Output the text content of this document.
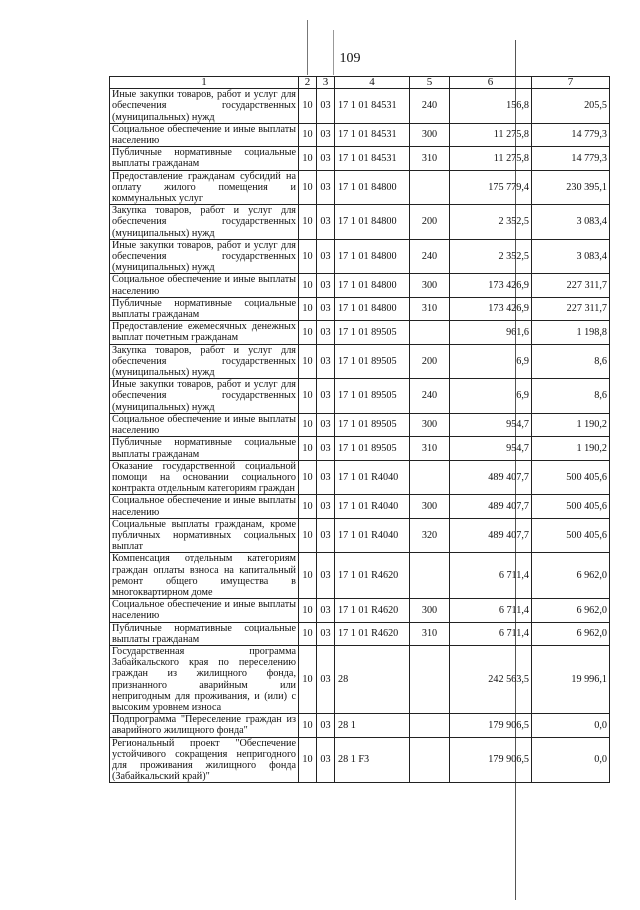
109
1	2	3	4	5	6	7
Иные закупки товаров, работ и услуг для обеспечения государственных (муниципальных) нужд	10	03	17 1 01 84531	240	156,8	205,5
Социальное обеспечение и иные выплаты населению	10	03	17 1 01 84531	300	11 275,8	14 779,3
Публичные нормативные социальные выплаты гражданам	10	03	17 1 01 84531	310	11 275,8	14 779,3
Предоставление гражданам субсидий на оплату жилого помещения и коммунальных услуг	10	03	17 1 01 84800		175 779,4	230 395,1
Закупка товаров, работ и услуг для обеспечения государственных (муниципальных) нужд	10	03	17 1 01 84800	200	2 352,5	3 083,4
Иные закупки товаров, работ и услуг для обеспечения государственных (муниципальных) нужд	10	03	17 1 01 84800	240	2 352,5	3 083,4
Социальное обеспечение и иные выплаты населению	10	03	17 1 01 84800	300	173 426,9	227 311,7
Публичные нормативные социальные выплаты гражданам	10	03	17 1 01 84800	310	173 426,9	227 311,7
Предоставление ежемесячных денежных выплат почетным гражданам	10	03	17 1 01 89505		961,6	1 198,8
Закупка товаров, работ и услуг для обеспечения государственных (муниципальных) нужд	10	03	17 1 01 89505	200	6,9	8,6
Иные закупки товаров, работ и услуг для обеспечения государственных (муниципальных) нужд	10	03	17 1 01 89505	240	6,9	8,6
Социальное обеспечение и иные выплаты населению	10	03	17 1 01 89505	300	954,7	1 190,2
Публичные нормативные социальные выплаты гражданам	10	03	17 1 01 89505	310	954,7	1 190,2
Оказание государственной социальной помощи на основании социального контракта отдельным категориям граждан	10	03	17 1 01 R4040		489 407,7	500 405,6
Социальное обеспечение и иные выплаты населению	10	03	17 1 01 R4040	300	489 407,7	500 405,6
Социальные выплаты гражданам, кроме публичных нормативных социальных выплат	10	03	17 1 01 R4040	320	489 407,7	500 405,6
Компенсация отдельным категориям граждан оплаты взноса на капитальный ремонт общего имущества в многоквартирном доме	10	03	17 1 01 R4620		6 711,4	6 962,0
Социальное обеспечение и иные выплаты населению	10	03	17 1 01 R4620	300	6 711,4	6 962,0
Публичные нормативные социальные выплаты гражданам	10	03	17 1 01 R4620	310	6 711,4	6 962,0
Государственная программа Забайкальского края по переселению граждан из жилищного фонда, признанного аварийным или непригодным для проживания, и (или) с высоким уровнем износа	10	03	28		242 563,5	19 996,1
Подпрограмма "Переселение граждан из аварийного жилищного фонда"	10	03	28 1		179 906,5	0,0
Региональный проект "Обеспечение устойчивого сокращения непригодного для проживания жилищного фонда (Забайкальский край)"	10	03	28 1 F3		179 906,5	0,0
